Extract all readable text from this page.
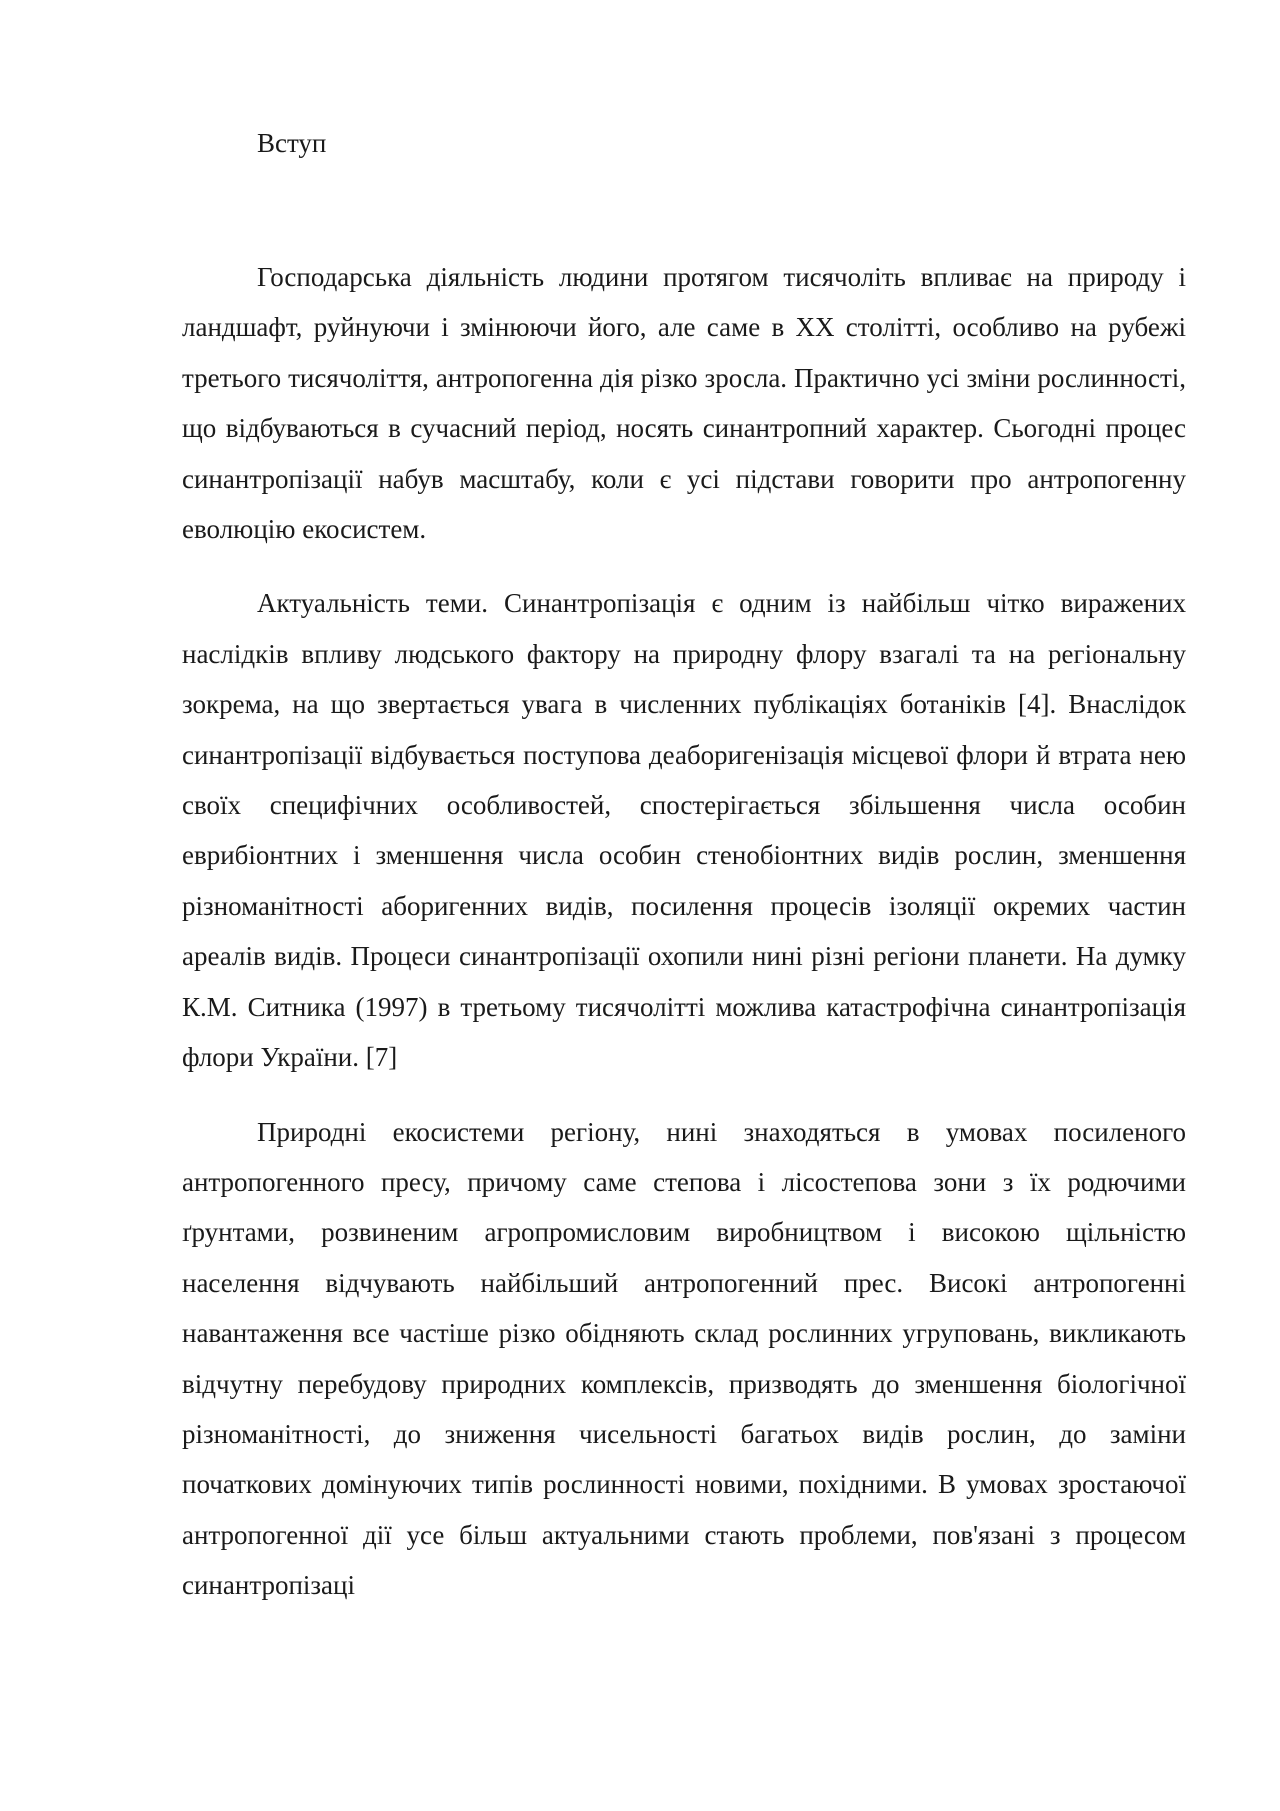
Вступ

Господарська діяльність людини протягом тисячоліть впливає на природу і ландшафт, руйнуючи і змінюючи його, але саме в XX столітті, особливо на рубежі третього тисячоліття, антропогенна дія різко зросла. Практично усі зміни рослинності, що відбуваються в сучасний період, носять синантропний характер. Сьогодні процес синантропізації набув масштабу, коли є усі підстави говорити про антропогенну еволюцію екосистем.

Актуальність теми. Синантропізація є одним із найбільш чітко виражених наслідків впливу людського фактору на природну флору взагалі та на регіональну зокрема, на що звертається увага в численних публікаціях ботаніків [4]. Внаслідок синантропізації відбувається поступова деаборигенізація місцевої флори й втрата нею своїх специфічних особливостей, спостерігається збільшення числа особин еврибіонтних і зменшення числа особин стенобіонтних видів рослин, зменшення різноманітності аборигенних видів, посилення процесів ізоляції окремих частин ареалів видів. Процеси синантропізації охопили нині різні регіони планети. На думку К.М. Ситника (1997) в третьому тисячолітті можлива катастрофічна синантропізація флори України. [7]

Природні екосистеми регіону, нині знаходяться в умовах посиленого антропогенного пресу, причому саме степова і лісостепова зони з їх родючими ґрунтами, розвиненим агропромисловим виробництвом і високою щільністю населення відчувають найбільший антропогенний прес. Високі антропогенні навантаження все частіше різко обідняють склад рослинних угруповань, викликають відчутну перебудову природних комплексів, призводять до зменшення біологічної різноманітності, до зниження чисельності багатьох видів рослин, до заміни початкових домінуючих типів рослинності новими, похідними. В умовах зростаючої антропогенної дії усе більш актуальними стають проблеми, пов'язані з процесом синантропізаці
